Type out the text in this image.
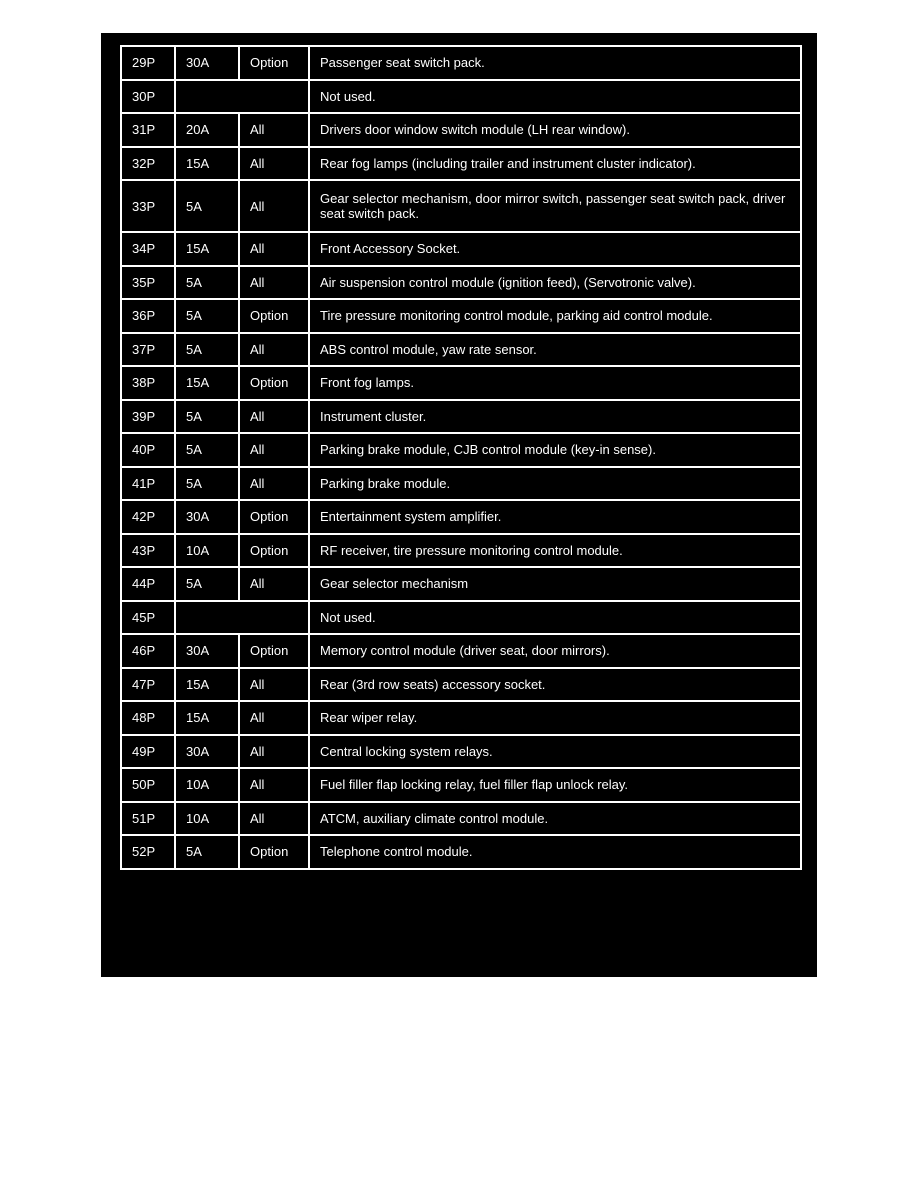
29P	30A	Option	Passenger seat switch pack.
30P			Not used.
31P	20A	All	Drivers door window switch module (LH rear window).
32P	15A	All	Rear fog lamps (including trailer and instrument cluster indicator).
33P	5A	All	Gear selector mechanism, door mirror switch, passenger seat switch pack, driver seat switch pack.
34P	15A	All	Front Accessory Socket.
35P	5A	All	Air suspension control module (ignition feed), (Servotronic valve).
36P	5A	Option	Tire pressure monitoring control module, parking aid control module.
37P	5A	All	ABS control module, yaw rate sensor.
38P	15A	Option	Front fog lamps.
39P	5A	All	Instrument cluster.
40P	5A	All	Parking brake module, CJB control module (key-in sense).
41P	5A	All	Parking brake module.
42P	30A	Option	Entertainment system amplifier.
43P	10A	Option	RF receiver, tire pressure monitoring control module.
44P	5A	All	Gear selector mechanism
45P			Not used.
46P	30A	Option	Memory control module (driver seat, door mirrors).
47P	15A	All	Rear (3rd row seats) accessory socket.
48P	15A	All	Rear wiper relay.
49P	30A	All	Central locking system relays.
50P	10A	All	Fuel filler flap locking relay, fuel filler flap unlock relay.
51P	10A	All	ATCM, auxiliary climate control module.
52P	5A	Option	Telephone control module.
